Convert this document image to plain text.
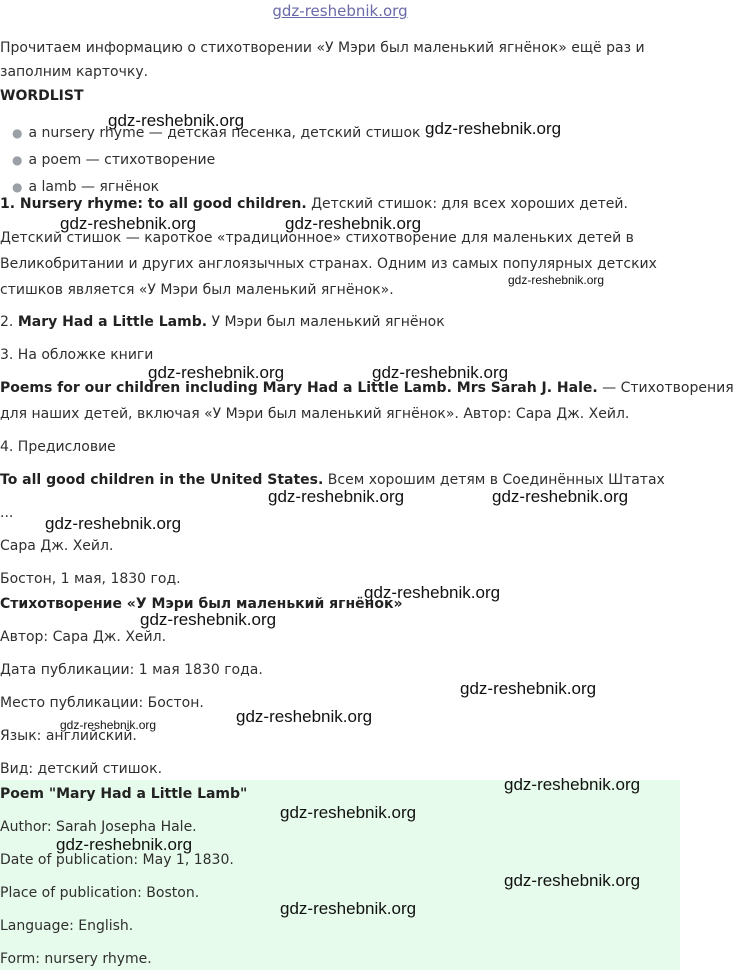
gdz-reshebnik.org
Прочитаем информацию о стихотворении «У Мэри был маленький ягнёнок» ещё раз и
заполним карточку.
WORDLIST
● a nursery rhyme — детская песенка, детский стишок
● a poem — стихотворение
● a lamb — ягнёнок
1. Nursery rhyme: to all good children. Детский стишок: для всех хороших детей.
Детский стишок — кароткое «традиционное» стихотворение для маленьких детей в
Великобритании и других англоязычных странах. Одним из самых популярных детских
стишков является «У Мэри был маленький ягнёнок».
2. Mary Had a Little Lamb. У Мэри был маленький ягнёнок
3. На обложке книги
Poems for our children including Mary Had a Little Lamb. Mrs Sarah J. Hale. — Стихотворения
для наших детей, включая «У Мэри был маленький ягнёнок». Автор: Сара Дж. Хейл.
4. Предисловие
To all good children in the United States. Всем хорошим детям в Соединённых Штатах
...
Сара Дж. Хейл.
Бостон, 1 мая, 1830 год.
Стихотворение «У Мэри был маленький ягнёнок»
Автор: Сара Дж. Хейл.
Дата публикации: 1 мая 1830 года.
Место публикации: Бостон.
Язык: английский.
Вид: детский стишок.
Poem "Mary Had a Little Lamb"
Author: Sarah Josepha Hale.
Date of publication: May 1, 1830.
Place of publication: Boston.
Language: English.
Form: nursery rhyme.
gdz-reshebnik.org	gdz-reshebnik.org
gdz-reshebnik.org	gdz-reshebnik.org
gdz-reshebnik.org
gdz-reshebnik.org	gdz-reshebnik.org
gdz-reshebnik.org	gdz-reshebnik.org
gdz-reshebnik.org
gdz-reshebnik.org
gdz-reshebnik.org
gdz-reshebnik.org
gdz-reshebnik.org
gdz-reshebnik.org
gdz-reshebnik.org
gdz-reshebnik.org
gdz-reshebnik.org
gdz-reshebnik.org
gdz-reshebnik.org
